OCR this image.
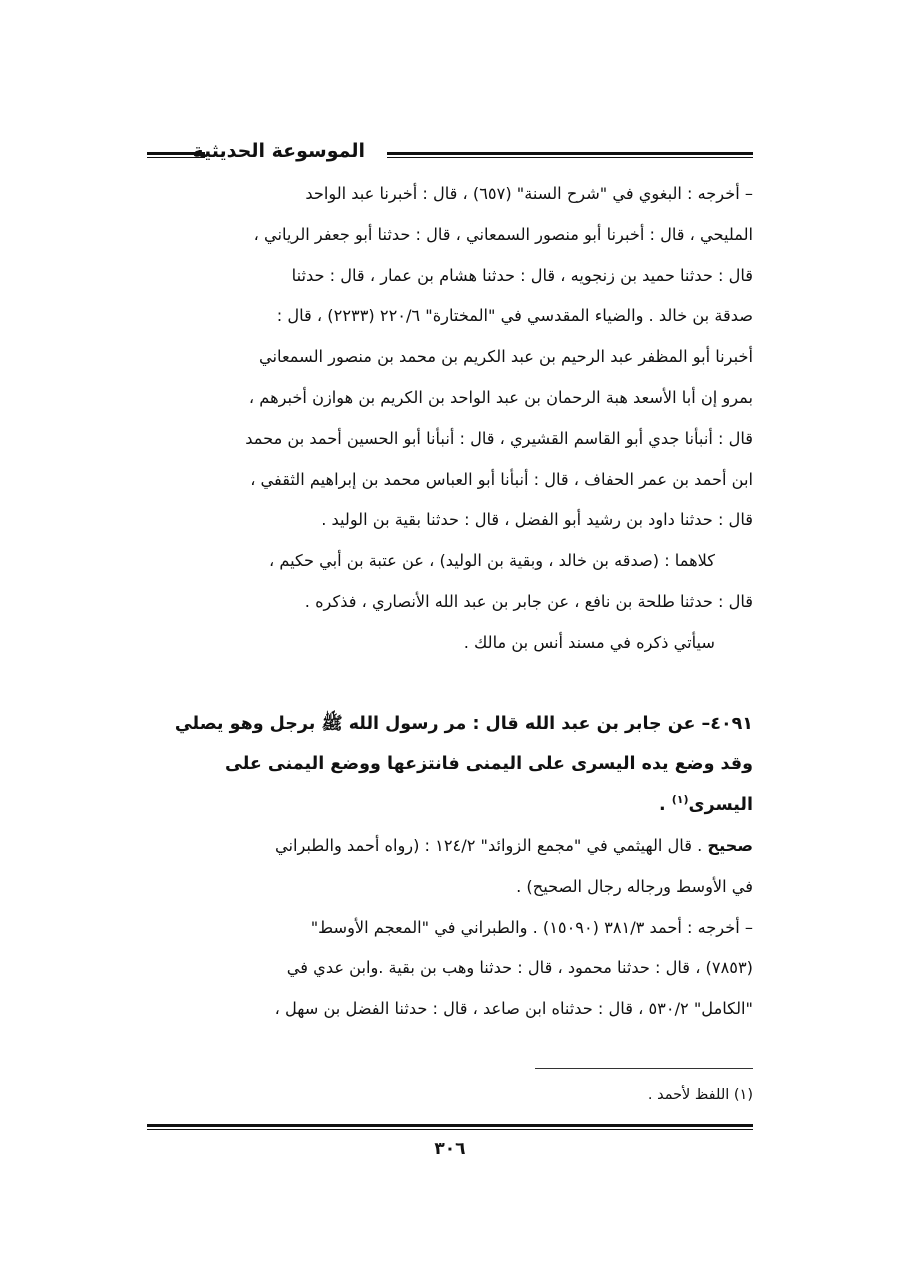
الموسوعة الحديثية

– أخرجه : البغوي في "شرح السنة" (٦٥٧) ، قال : أخبرنا عبد الواحد

المليحي ، قال : أخبرنا أبو منصور السمعاني ، قال : حدثنا أبو جعفر الرياني ،

قال : حدثنا حميد بن زنجويه ، قال : حدثنا هشام بن عمار ، قال : حدثنا

صدقة بن خالد . والضياء المقدسي في "المختارة" ٢٢٠/٦ (٢٢٣٣) ، قال :

أخبرنا أبو المظفر عبد الرحيم بن عبد الكريم بن محمد بن منصور السمعاني

بمرو إن أبا الأسعد هبة الرحمان بن عبد الواحد بن الكريم بن هوازن أخبرهم ،

قال : أنبأنا جدي أبو القاسم القشيري ، قال : أنبأنا أبو الحسين أحمد بن محمد

ابن أحمد بن عمر الحفاف ، قال : أنبأنا أبو العباس محمد بن إبراهيم الثقفي ،

قال : حدثنا داود بن رشيد أبو الفضل ، قال : حدثنا بقية بن الوليد .

كلاهما : (صدقه بن خالد ، وبقية بن الوليد) ، عن عتبة بن أبي حكيم ،

قال : حدثنا طلحة بن نافع ، عن جابر بن عبد الله الأنصاري ، فذكره .

سيأتي ذكره في مسند أنس بن مالك .

٤٠٩١– عن جابر بن عبد الله قال : مر رسول الله ﷺ برجل وهو يصلي

وقد وضع يده اليسرى على اليمنى فانتزعها ووضع اليمنى على

اليسرى$^{(١)}$ .

صحيح . قال الهيثمي في "مجمع الزوائد" ١٢٤/٢ : (رواه أحمد والطبراني

في الأوسط ورجاله رجال الصحيح) .

– أخرجه : أحمد ٣٨١/٣ (١٥٠٩٠) . والطبراني في "المعجم الأوسط"

(٧٨٥٣) ، قال : حدثنا محمود ، قال : حدثنا وهب بن بقية .وابن عدي في

"الكامل" ٥٣٠/٢ ، قال : حدثناه ابن صاعد ، قال : حدثنا الفضل بن سهل ،

(١) اللفظ لأحمد .
٣٠٦
